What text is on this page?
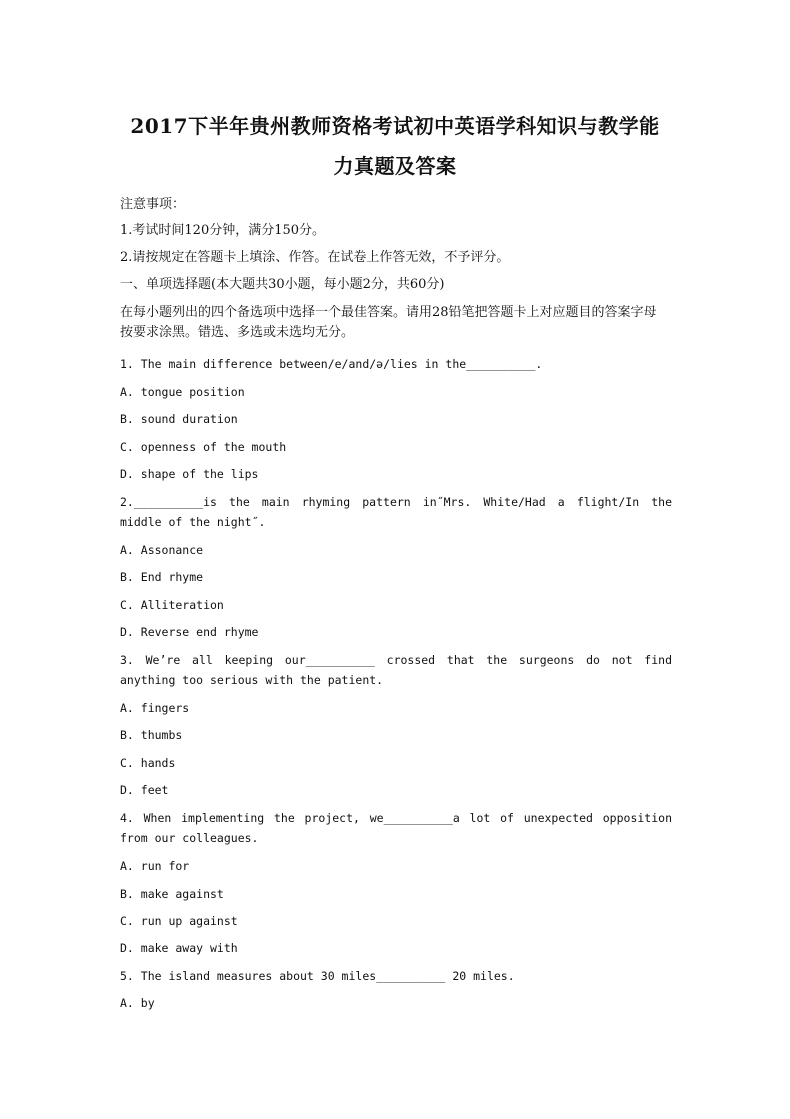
2017下半年贵州教师资格考试初中英语学科知识与教学能
力真题及答案
注意事项：
1.考试时间120分钟，满分150分。
2.请按规定在答题卡上填涂、作答。在试卷上作答无效，不予评分。
一、单项选择题(本大题共30小题，每小题2分，共60分)
在每小题列出的四个备选项中选择一个最佳答案。请用28铅笔把答题卡上对应题目的答案字母按要求涂黑。错选、多选或未选均无分。
1. The main difference between/e/and/ə/lies in the__________.
A. tongue position
B. sound duration
C. openness of the mouth
D. shape of the lips
2.__________is the main rhyming pattern in˝Mrs. White/Had a flight/In the middle of the night˝.
A. Assonance
B. End rhyme
C. Alliteration
D. Reverse end rhyme
3. We’re all keeping our__________ crossed that the surgeons do not find anything too serious with the patient.
A. fingers
B. thumbs
C. hands
D. feet
4. When implementing the project, we__________a lot of unexpected opposition from our colleagues.
A. run for
B. make against
C. run up against
D. make away with
5. The island measures about 30 miles__________ 20 miles.
A. by
